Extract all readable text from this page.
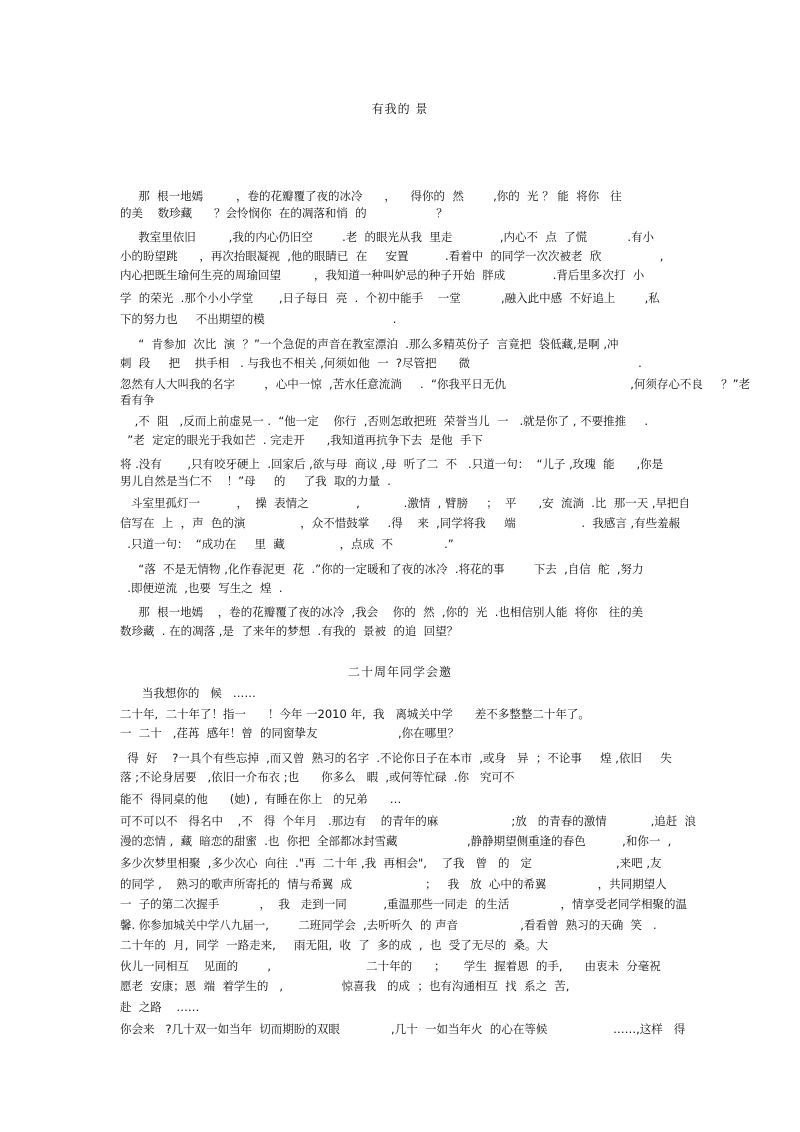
有我的 景
那  根一地嫣         ，卷的花瓣覆了夜的冰冷      ，    得你的  然        ,你的  光 ？ 能  将你   往
的美    数珍藏      ？会怜悯你  在的凋落和悄  的                   ？
教室里依旧         ,我的内心仍旧空        .老  的眼光从我  里走             ,内心不  点  了慌           .有小
小的盼望跳      ，再次抬眼凝视  ,他的眼睛已  在     安置          .看着中  的同学一次次被老  欣                ,
内心把既生瑜何生亮的周瑜回望         ，我知道一种叫妒忌的种子开始  胖成             .背后里多次打  小
学  的荣光  .那个小小学堂       ,日子每日  亮  .  个初中能手    一堂           ,融入此中感  不好追上        ,私
下的努力也     不出期望的模                                   .
“  肯参加  次比  演  ？”一个急促的声音在教室漂泊  .那么多精英份子  言竟把  袋低藏,是啊 ,冲
刺  段     把    拱手相   . 与我也不相关 ,何须如他  一  ?尽管把      微                                              .
忽然有人大叫我的名字        ，心中一惊  ,苦水任意流淌     .  “你我平日无仇                                  ,何须存心不良     ？”老
看有争
,不  阻   ,反而上前虚晃一 .  “他一定    你行  ,否则怎敢把班  荣誉当儿  一   .就是你了 , 不要推推     .
”老  定定的眼光于我如芒  . 完走开      ,我知道再抗争下去  是他  手下
将 .没有       ,只有咬牙硬上  .回家后 ,欲与母  商议 ,母  听了二  不   .只道一句：  “儿子 ,玫瑰  能      ,你是
男儿自然是当仁不    ！”母     的     了我  取的力量  .
斗室里孤灯一          ，  操  表情之             ,            .激情  , 臂膀     ；  平      ,安  流淌  .比  那一天 ,早把自
信写在  上  ，声  色的演               ，众不惜鼓掌     .得    来  ,同学将我     端                  .  我感言 ,有些羞赧
.只道一句：  “成功在     里  藏               ，点成  不              .”
“落  不是无情物 ,化作春泥更  花  .”你的一定暖和了夜的冰冷  .将花的事        下去  ,自信  舵  ,努力
.即便逆流  ,也要  写生之  煌  .
那  根一地嫣    ，卷的花瓣覆了夜的冰冷  ,我会    你的  然  ,你的  光  .也相信别人能  将你   往的美
数珍藏  . 在的凋落 ,是  了来年的梦想  .有我的  景被  的追  回望？
二十周年同学会邀
当我想你的   候   ……
二十年,  二十年了！指一      ！今年 一2010 年,  我   离城关中学      差不多整整二十年了。
一  二十   ,荏苒  感年！曾  的同窗挚友                      ,你在哪里？
得  好    ?一具个有些忘掉  ,而又曾  熟习的名字  .不论你日子在本市  ,或身   异  ；不论事     煌 ,依旧     失
落 ;不论身居要   ,依旧一介布衣 ;也      你多么   暇  ,或何等忙碌  .你   究可不
能不  得同桌的他      (她) ,  有睡在你上   的兄弟      …
可不可以不   得名中    ,不   得  个年月   .那边有    的青年的麻                    ;放   的青春的激情            ,追赶  浪
漫的恋情 ,  藏  暗恋的甜蜜  .也  你把  全部都冰封雪藏                   ,静静期望侧重逢的春色          ,和你一  ,
多少次梦里相聚  ,多少次心  向往  ."再  二十年 ,我  再相会",    了我   曾   的   定                       ,来吧 ,友
的同学 ,    熟习的歌声所寄托的  情与希翼  成                    ；   我   放  心中的希翼              ，共同期望人
一  子的第二次握手           ，  我   走到一同          ,重温那些一同走  的生活              ，情享受老同学相聚的温
馨. 你参加城关中学八九届一,        二班同学会  ,去听听久  的 声音                 ,看看曾  熟习的天确  笑   .
二十年的  月,  同学  一路走来,     雨无阻,  收  了  多的成  ,  也  受了无尽的  桑。大
伙儿一同相互    见面的        ,                          二十年的      ；     学生  握着恩  的手,      由衷未  分毫祝
愿老  安康；恩  端  着学生的   ,                惊喜我   的成  ；也有沟通相互  找  系之  苦,
赴  之路    ……
你会来   ?几十双一如当年  切而期盼的双眼              ,几十  一如当年火  的心在等候                  ……,这样   得
